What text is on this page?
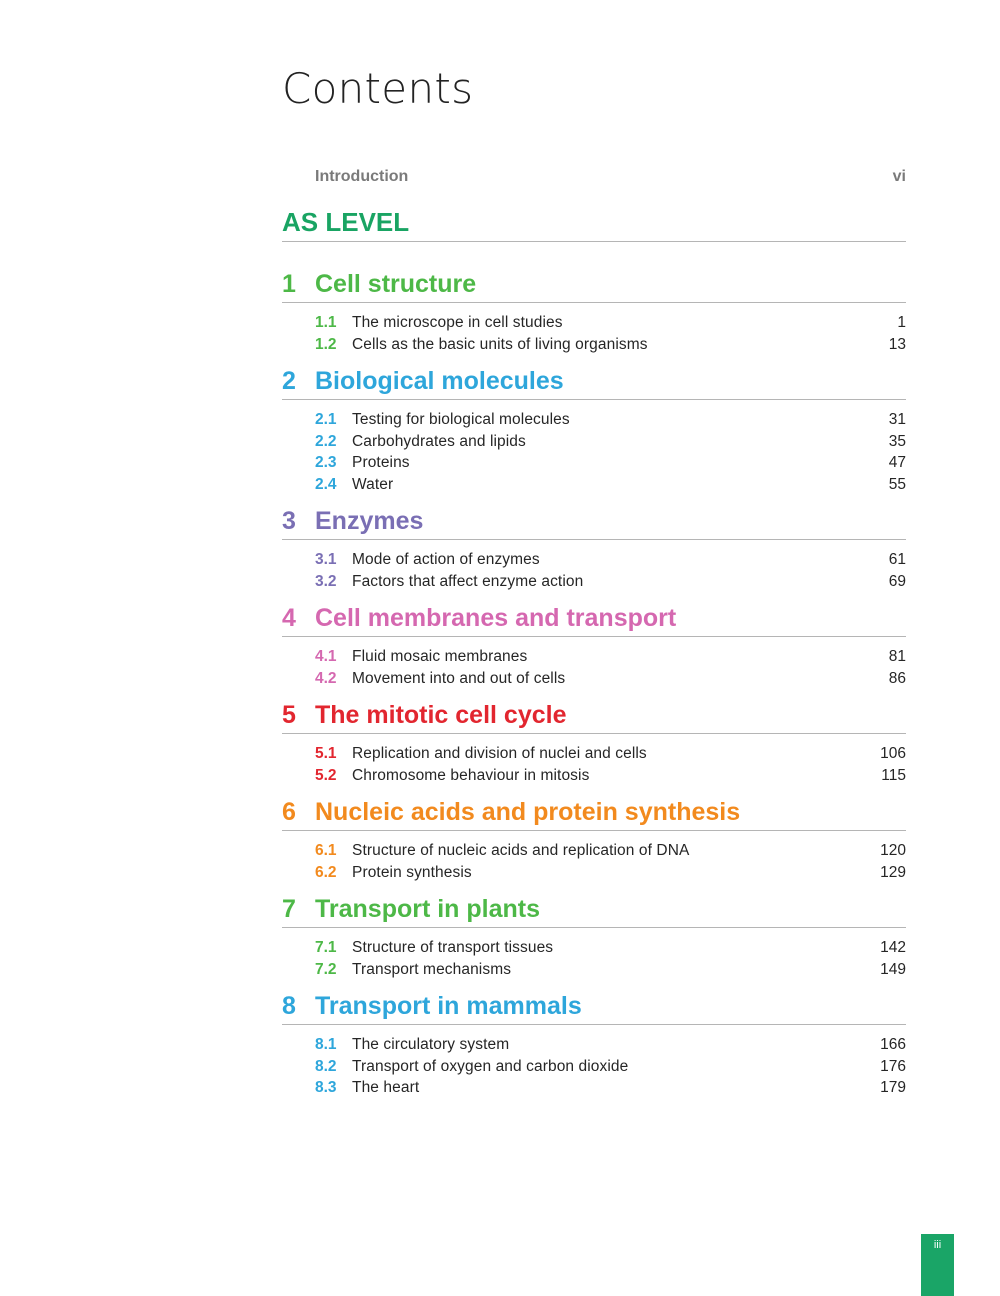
Contents
Introduction	vi
AS LEVEL
1 Cell structure
1.1 The microscope in cell studies	1
1.2 Cells as the basic units of living organisms	13
2 Biological molecules
2.1 Testing for biological molecules	31
2.2 Carbohydrates and lipids	35
2.3 Proteins	47
2.4 Water	55
3 Enzymes
3.1 Mode of action of enzymes	61
3.2 Factors that affect enzyme action	69
4 Cell membranes and transport
4.1 Fluid mosaic membranes	81
4.2 Movement into and out of cells	86
5 The mitotic cell cycle
5.1 Replication and division of nuclei and cells	106
5.2 Chromosome behaviour in mitosis	115
6 Nucleic acids and protein synthesis
6.1 Structure of nucleic acids and replication of DNA	120
6.2 Protein synthesis	129
7 Transport in plants
7.1 Structure of transport tissues	142
7.2 Transport mechanisms	149
8 Transport in mammals
8.1 The circulatory system	166
8.2 Transport of oxygen and carbon dioxide	176
8.3 The heart	179
iii
